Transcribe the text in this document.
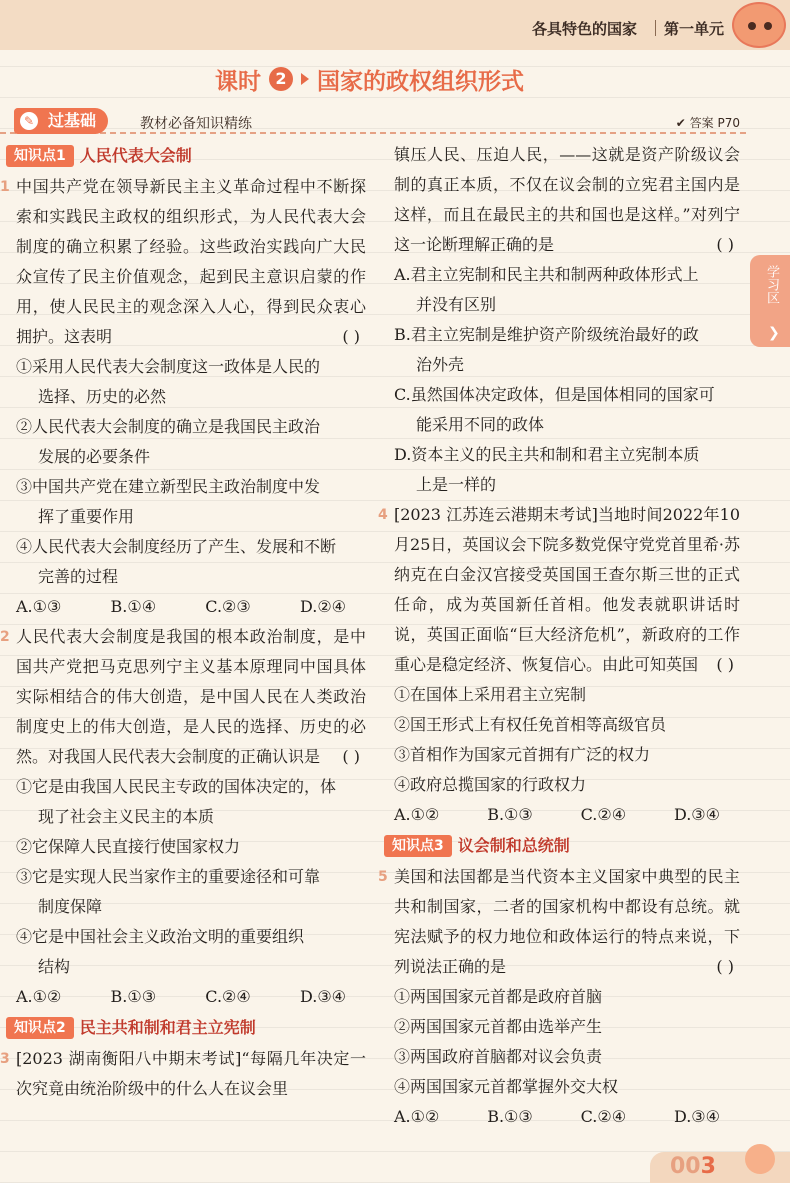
各具特色的国家 第一单元
课时 2 国家的政权组织形式
✎ 过基础	教材必备知识精练	✔ 答案 P70
知识点1 人民代表大会制
1 中国共产党在领导新民主主义革命过程中不断探索和实践民主政权的组织形式，为人民代表大会制度的确立积累了经验。这些政治实践向广大民众宣传了民主价值观念，起到民主意识启蒙的作用，使人民民主的观念深入人心，得到民众衷心拥护。这表明	( )
①采用人民代表大会制度这一政体是人民的
选择、历史的必然
②人民代表大会制度的确立是我国民主政治
发展的必要条件
③中国共产党在建立新型民主政治制度中发
挥了重要作用
④人民代表大会制度经历了产生、发展和不断
完善的过程
A.①③	B.①④	C.②③	D.②④
2 人民代表大会制度是我国的根本政治制度，是中国共产党把马克思列宁主义基本原理同中国具体实际相结合的伟大创造，是中国人民在人类政治制度史上的伟大创造，是人民的选择、历史的必然。对我国人民代表大会制度的正确认识是 ( )
①它是由我国人民民主专政的国体决定的，体
现了社会主义民主的本质
②它保障人民直接行使国家权力
③它是实现人民当家作主的重要途径和可靠
制度保障
④它是中国社会主义政治文明的重要组织
结构
A.①②	B.①③	C.②④	D.③④
知识点2 民主共和制和君主立宪制
3 [2023 湖南衡阳八中期末考试]“每隔几年决定一次究竟由统治阶级中的什么人在议会里
镇压人民、压迫人民，——这就是资产阶级议会制的真正本质，不仅在议会制的立宪君主国内是这样，而且在最民主的共和国也是这样。”对列宁这一论断理解正确的是	( )
A.君主立宪制和民主共和制两种政体形式上
并没有区别
B.君主立宪制是维护资产阶级统治最好的政
治外壳
C.虽然国体决定政体，但是国体相同的国家可
能采用不同的政体
D.资本主义的民主共和制和君主立宪制本质
上是一样的
4 [2023 江苏连云港期末考试]当地时间2022年10月25日，英国议会下院多数党保守党党首里希·苏纳克在白金汉宫接受英国国王查尔斯三世的正式任命，成为英国新任首相。他发表就职讲话时说，英国正面临“巨大经济危机”，新政府的工作重心是稳定经济、恢复信心。由此可知英国 ( )
①在国体上采用君主立宪制
②国王形式上有权任免首相等高级官员
③首相作为国家元首拥有广泛的权力
④政府总揽国家的行政权力
A.①②	B.①③	C.②④	D.③④
知识点3 议会制和总统制
5 美国和法国都是当代资本主义国家中典型的民主共和制国家，二者的国家机构中都设有总统。就宪法赋予的权力地位和政体运行的特点来说，下列说法正确的是	( )
①两国国家元首都是政府首脑
②两国国家元首都由选举产生
③两国政府首脑都对议会负责
④两国国家元首都掌握外交大权
A.①②	B.①③	C.②④	D.③④
学习区
❯
003
